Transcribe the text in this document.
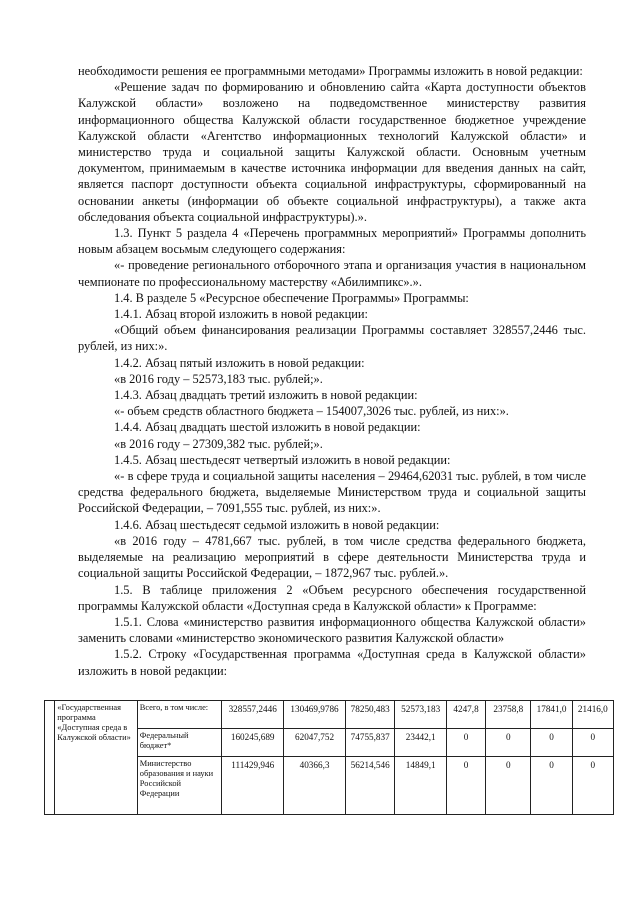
необходимости решения ее программными методами» Программы изложить в новой редакции:

«Решение задач по формированию и обновлению сайта «Карта доступности объектов Калужской области» возложено на подведомственное министерству развития информационного общества Калужской области государственное бюджетное учреждение Калужской области «Агентство информационных технологий Калужской области» и министерство труда и социальной защиты Калужской области. Основным учетным документом, принимаемым в качестве источника информации для введения данных на сайт, является паспорт доступности объекта социальной инфраструктуры, сформированный на основании анкеты (информации об объекте социальной инфраструктуры), а также акта обследования объекта социальной инфраструктуры).».

1.3. Пункт 5 раздела 4 «Перечень программных мероприятий» Программы дополнить новым абзацем восьмым следующего содержания:

«- проведение регионального отборочного этапа и организация участия в национальном чемпионате по профессиональному мастерству «Абилимпикс».».

1.4. В разделе 5 «Ресурсное обеспечение Программы» Программы:

1.4.1. Абзац второй изложить в новой редакции:

«Общий объем финансирования реализации Программы составляет 328557,2446 тыс. рублей, из них:».

1.4.2. Абзац пятый изложить в новой редакции:

«в 2016 году – 52573,183 тыс. рублей;».

1.4.3. Абзац двадцать третий изложить в новой редакции:

«- объем средств областного бюджета – 154007,3026 тыс. рублей, из них:».

1.4.4. Абзац двадцать шестой изложить в новой редакции:

«в 2016 году – 27309,382 тыс. рублей;».

1.4.5. Абзац шестьдесят четвертый изложить в новой редакции:

«- в сфере труда и социальной защиты населения – 29464,62031 тыс. рублей, в том числе средства федерального бюджета, выделяемые Министерством труда и социальной защиты Российской Федерации, – 7091,555 тыс. рублей, из них:».

1.4.6. Абзац шестьдесят седьмой изложить в новой редакции:

«в 2016 году – 4781,667 тыс. рублей, в том числе средства федерального бюджета, выделяемые на реализацию мероприятий в сфере деятельности Министерства труда и социальной защиты Российской Федерации, – 1872,967 тыс. рублей.».

1.5. В таблице приложения 2 «Объем ресурсного обеспечения государственной программы Калужской области «Доступная среда в Калужской области» к Программе:

1.5.1. Слова «министерство развития информационного общества Калужской области» заменить словами «министерство экономического развития Калужской области»

1.5.2. Строку «Государственная программа «Доступная среда в Калужской области» изложить в новой редакции:

	«Государственная программа «Доступная среда в Калужской области»	Всего, в том числе:	328557,2446	130469,9786	78250,483	52573,183	4247,8	23758,8	17841,0	21416,0
		Федеральный бюджет*	160245,689	62047,752	74755,837	23442,1	0	0	0	0
		Министерство образования и науки Российской Федерации	111429,946	40366,3	56214,546	14849,1	0	0	0	0
